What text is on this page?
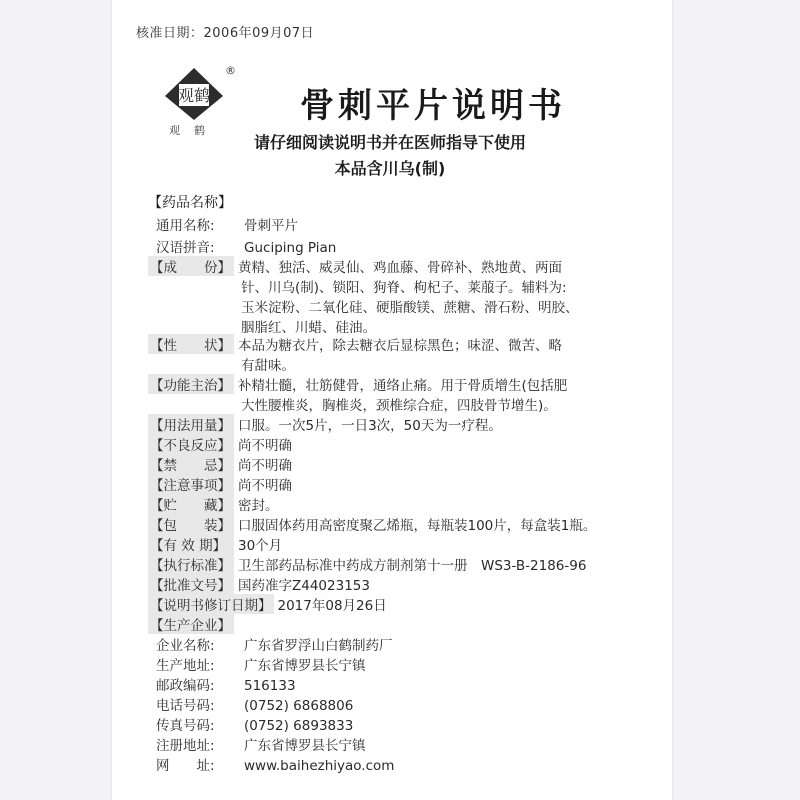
核准日期：2006年09月07日
观鹤
®
观鹤
骨刺平片说明书
请仔细阅读说明书并在医师指导下使用
本品含川乌(制)
【药品名称】
通用名称: 骨刺平片
汉语拼音: Guciping Pian
【成　　份】 黄精、独活、威灵仙、鸡血藤、骨碎补、熟地黄、两面
针、川乌(制)、锁阳、狗脊、枸杞子、莱菔子。辅料为:
玉米淀粉、二氧化硅、硬脂酸镁、蔗糖、滑石粉、明胶、
胭脂红、川蜡、硅油。
【性　　状】 本品为糖衣片，除去糖衣后显棕黑色；味涩、微苦、略
有甜味。
【功能主治】 补精壮髓，壮筋健骨，通络止痛。用于骨质增生(包括肥
大性腰椎炎，胸椎炎，颈椎综合症，四肢骨节增生)。
【用法用量】 口服。一次5片，一日3次，50天为一疗程。
【不良反应】 尚不明确
【禁　　忌】 尚不明确
【注意事项】 尚不明确
【贮　　藏】 密封。
【包　　装】 口服固体药用高密度聚乙烯瓶，每瓶装100片，每盒装1瓶。
【有 效 期】 30个月
【执行标准】 卫生部药品标准中药成方制剂第十一册　WS3-B-2186-96
【批准文号】 国药准字Z44023153
【说明书修订日期】 2017年08月26日
【生产企业】
企业名称: 广东省罗浮山白鹤制药厂
生产地址: 广东省博罗县长宁镇
邮政编码: 516133
电话号码: (0752) 6868806
传真号码: (0752) 6893833
注册地址: 广东省博罗县长宁镇
网　　址: www.baihezhiyao.com
